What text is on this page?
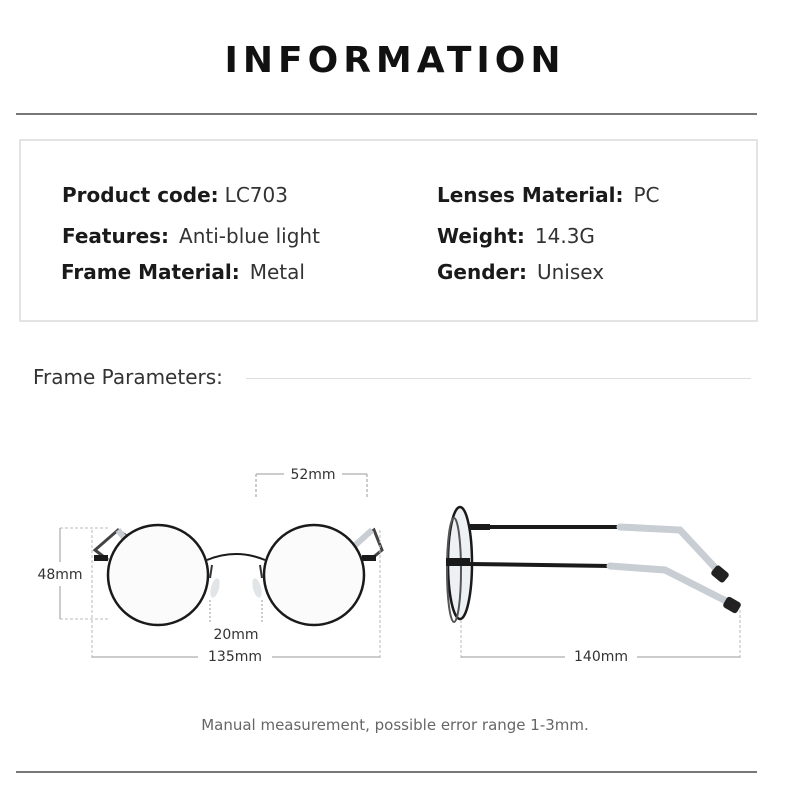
INFORMATION
Product code: LC703
Features: Anti-blue light
Frame Material: Metal
Lenses Material: PC
Weight: 14.3G
Gender: Unisex
Frame Parameters:
52mm
48mm
20mm
135mm	140mm
Manual measurement, possible error range 1-3mm.
